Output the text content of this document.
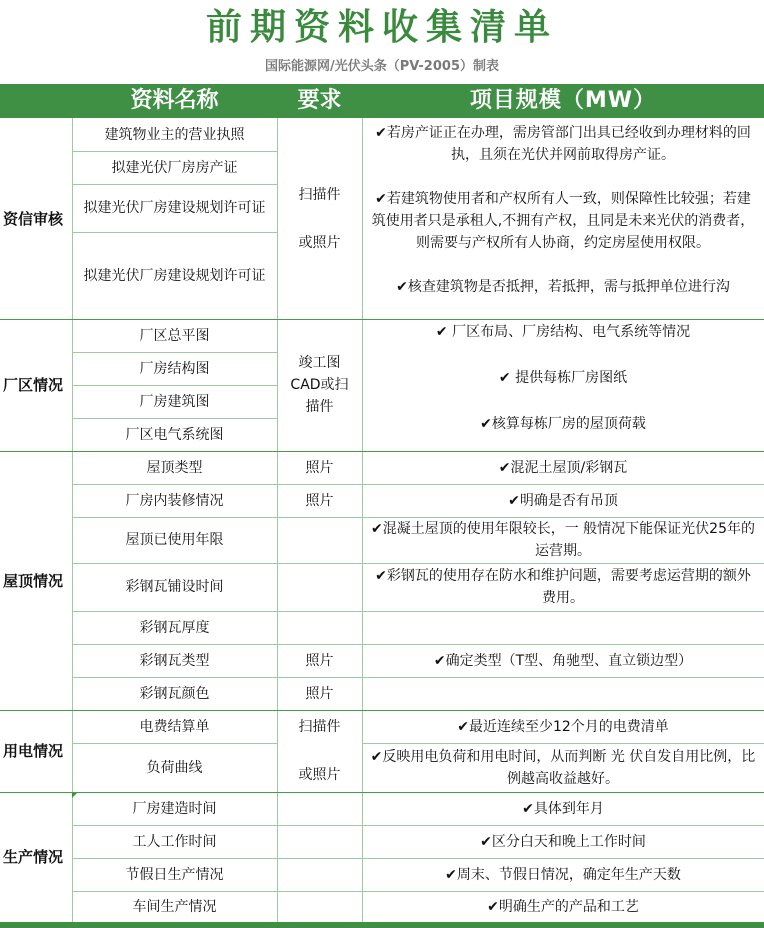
前期资料收集清单
国际能源网/光伏头条（PV-2005）制表
资料名称	要求	项目规模（MW）
资信审核
建筑物业主的营业执照
拟建光伏厂房房产证
拟建光伏厂房建设规划许可证
拟建光伏厂房建设规划许可证
扫描件
或照片

✔若房产证正在办理，需房管部门出具已经收到办理材料的回执，且须在光伏并网前取得房产证。

✔若建筑物使用者和产权所有人一致，则保障性比较强；若建筑使用者只是承租人,不拥有产权，且同是未来光伏的消费者，则需要与产权所有人协商，约定房屋使用权限。

✔核查建筑物是否抵押，若抵押，需与抵押单位进行沟

厂区情况
厂区总平图
厂房结构图
厂房建筑图
厂区电气系统图
竣工图CAD或扫描件
✔ 厂区布局、厂房结构、电气系统等情况
✔ 提供每栋厂房图纸
✔核算每栋厂房的屋顶荷载
屋顶情况
屋顶类型
厂房内装修情况
屋顶已使用年限
彩钢瓦铺设时间
彩钢瓦厚度
彩钢瓦类型
彩钢瓦颜色
照片
照片
照片
照片
✔混泥土屋顶/彩钢瓦
✔明确是否有吊顶
✔混凝土屋顶的使用年限较长，一 般情况下能保证光伏25年的运营期。
✔彩钢瓦的使用存在防水和维护问题，需要考虑运营期的额外费用。
✔确定类型（T型、角驰型、直立锁边型）
用电情况
电费结算单
负荷曲线
扫描件
或照片
✔最近连续至少12个月的电费清单
✔反映用电负荷和用电时间，从而判断 光 伏自发自用比例，比例越高收益越好。
生产情况
厂房建造时间
工人工作时间
节假日生产情况
车间生产情况
✔具体到年月
✔区分白天和晚上工作时间
✔周末、节假日情况，确定年生产天数
✔明确生产的产品和工艺
